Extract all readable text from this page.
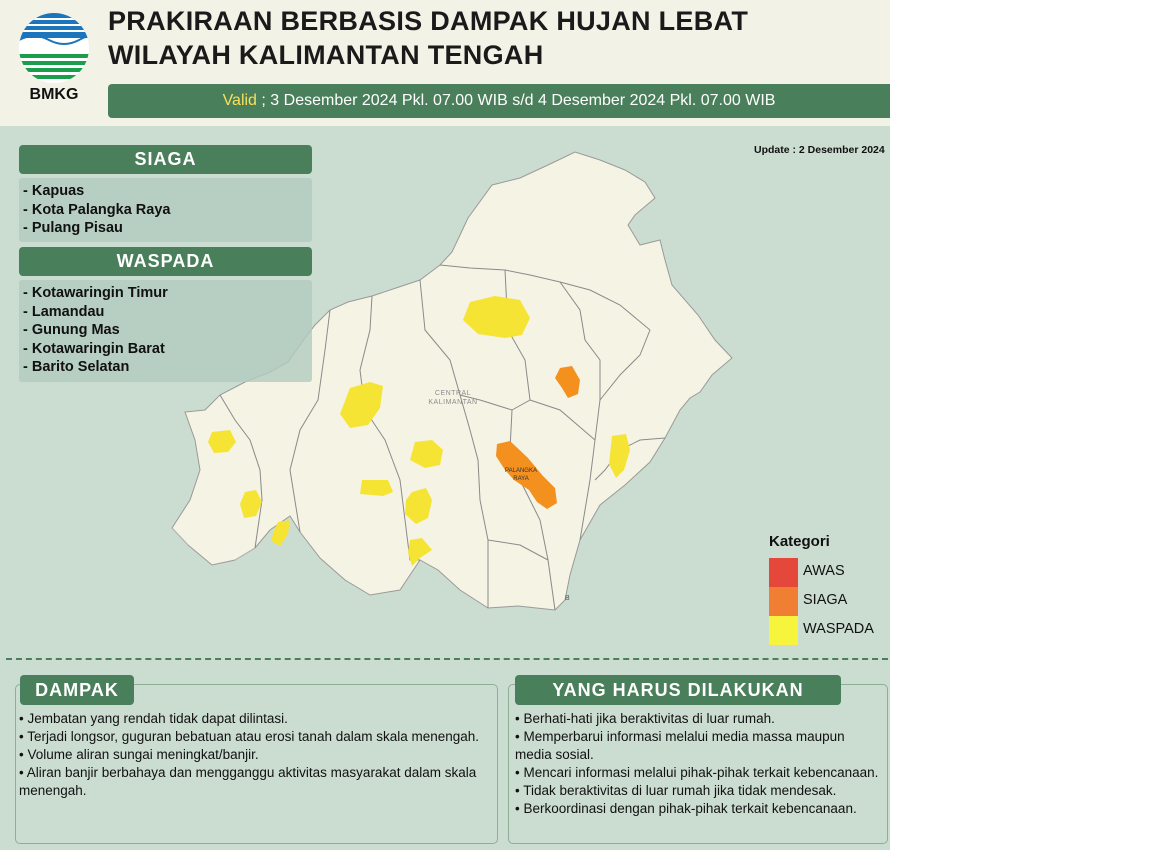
BMKG
PRAKIRAAN BERBASIS DAMPAK HUJAN LEBAT
WILAYAH KALIMANTAN TENGAH
Valid ; 3 Desember 2024 Pkl. 07.00 WIB s/d 4 Desember 2024 Pkl. 07.00 WIB
CENTRAL
KALIMANTAN
PALANGKA
RAYA
B
Update : 2 Desember 2024
SIAGA
- Kapuas
- Kota Palangka Raya
- Pulang Pisau
WASPADA
- Kotawaringin Timur
- Lamandau
- Gunung Mas
- Kotawaringin Barat
- Barito Selatan
Kategori
AWAS
SIAGA
WASPADA
DAMPAK	YANG HARUS DILAKUKAN
• Jembatan yang rendah tidak dapat dilintasi.
• Terjadi longsor, guguran bebatuan atau erosi tanah dalam skala menengah.
• Volume aliran sungai meningkat/banjir.
• Aliran banjir berbahaya dan mengganggu aktivitas masyarakat dalam skala menengah.
• Berhati-hati jika beraktivitas di luar rumah.
• Memperbarui informasi melalui media massa maupun media sosial.
• Mencari informasi melalui pihak-pihak terkait kebencanaan.
• Tidak beraktivitas di luar rumah jika tidak mendesak.
• Berkoordinasi dengan pihak-pihak terkait kebencanaan.
